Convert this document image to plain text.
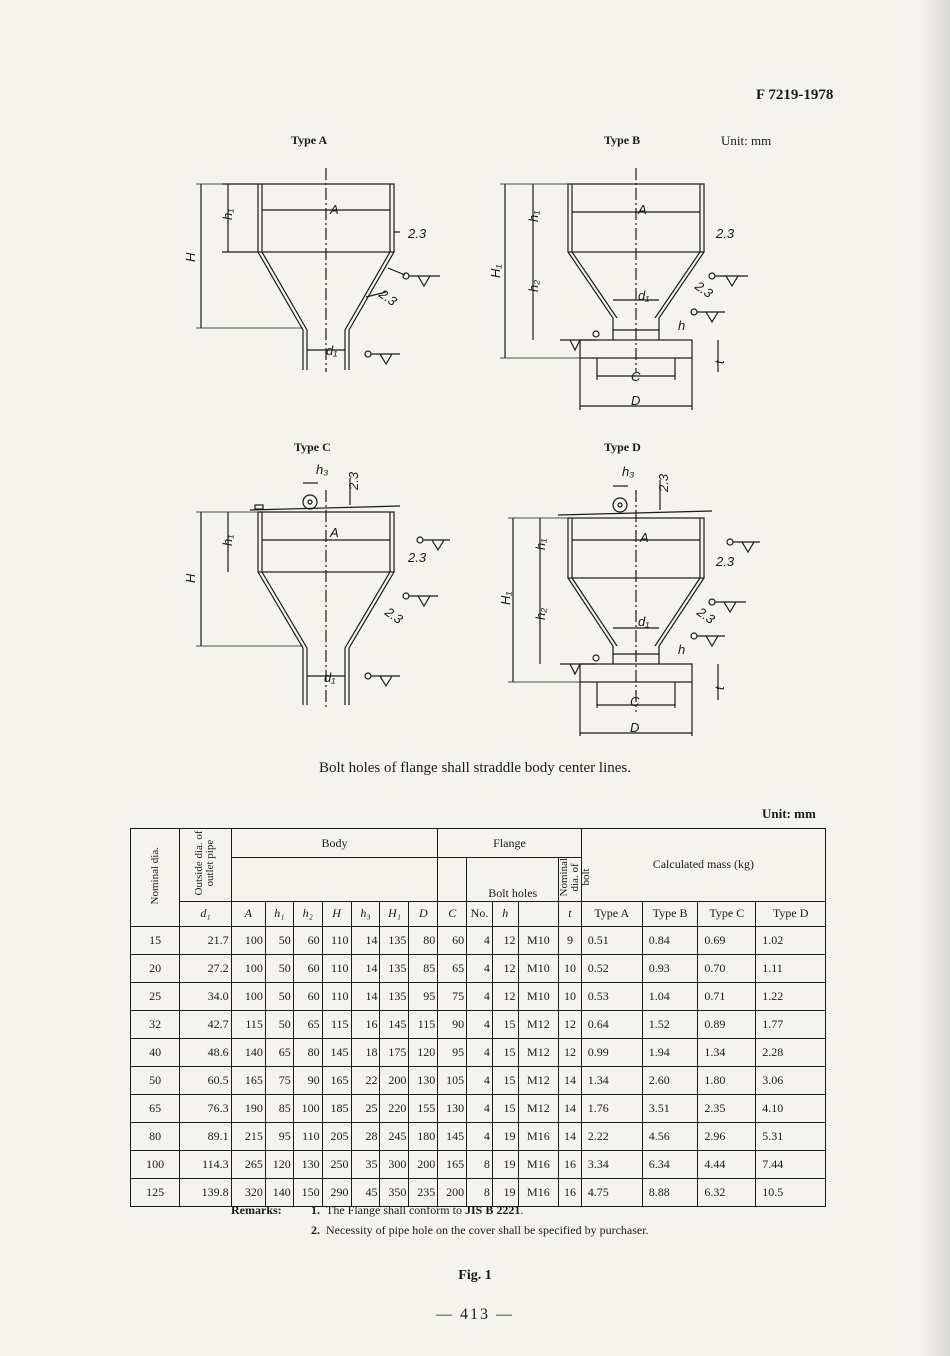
F 7219-1978
Unit: mm
Type A	Type B
Type C	Type D
A
2.3
2.3
d₁
h₁
H
A
2.3
2.3
d₁
h
C
D
h₁
h₂
H₁
t
h₃
2.3
A
2.3
2.3
d₁
h₁
H
h₃
2.3
A
2.3
2.3
d₁
h
C
D
h₁
h₂
H₁
t
Bolt holes of flange shall straddle body center lines.
Unit: mm
Nominal dia.	Outside dia. of outlet pipe	Body							Flange					Calculated mass (kg)			
										Bolt holes			Nominal dia. of bolt				
	d₁	A	h₁	h₂	H	h₃	H₁	D	C	No.	h		t	Type A	Type B	Type C	Type D
15	21.7	100	50	60	110	14	135	80	60	4	12	M10	9	0.51	0.84	0.69	1.02
20	27.2	100	50	60	110	14	135	85	65	4	12	M10	10	0.52	0.93	0.70	1.11
25	34.0	100	50	60	110	14	135	95	75	4	12	M10	10	0.53	1.04	0.71	1.22
32	42.7	115	50	65	115	16	145	115	90	4	15	M12	12	0.64	1.52	0.89	1.77
40	48.6	140	65	80	145	18	175	120	95	4	15	M12	12	0.99	1.94	1.34	2.28
50	60.5	165	75	90	165	22	200	130	105	4	15	M12	14	1.34	2.60	1.80	3.06
65	76.3	190	85	100	185	25	220	155	130	4	15	M12	14	1.76	3.51	2.35	4.10
80	89.1	215	95	110	205	28	245	180	145	4	19	M16	14	2.22	4.56	2.96	5.31
100	114.3	265	120	130	250	35	300	200	165	8	19	M16	16	3.34	6.34	4.44	7.44
125	139.8	320	140	150	290	45	350	235	200	8	19	M16	16	4.75	8.88	6.32	10.5
Remarks: 1. The Flange shall conform to JIS B 2221.
2. Necessity of pipe hole on the cover shall be specified by purchaser.
Fig. 1
— 413 —
